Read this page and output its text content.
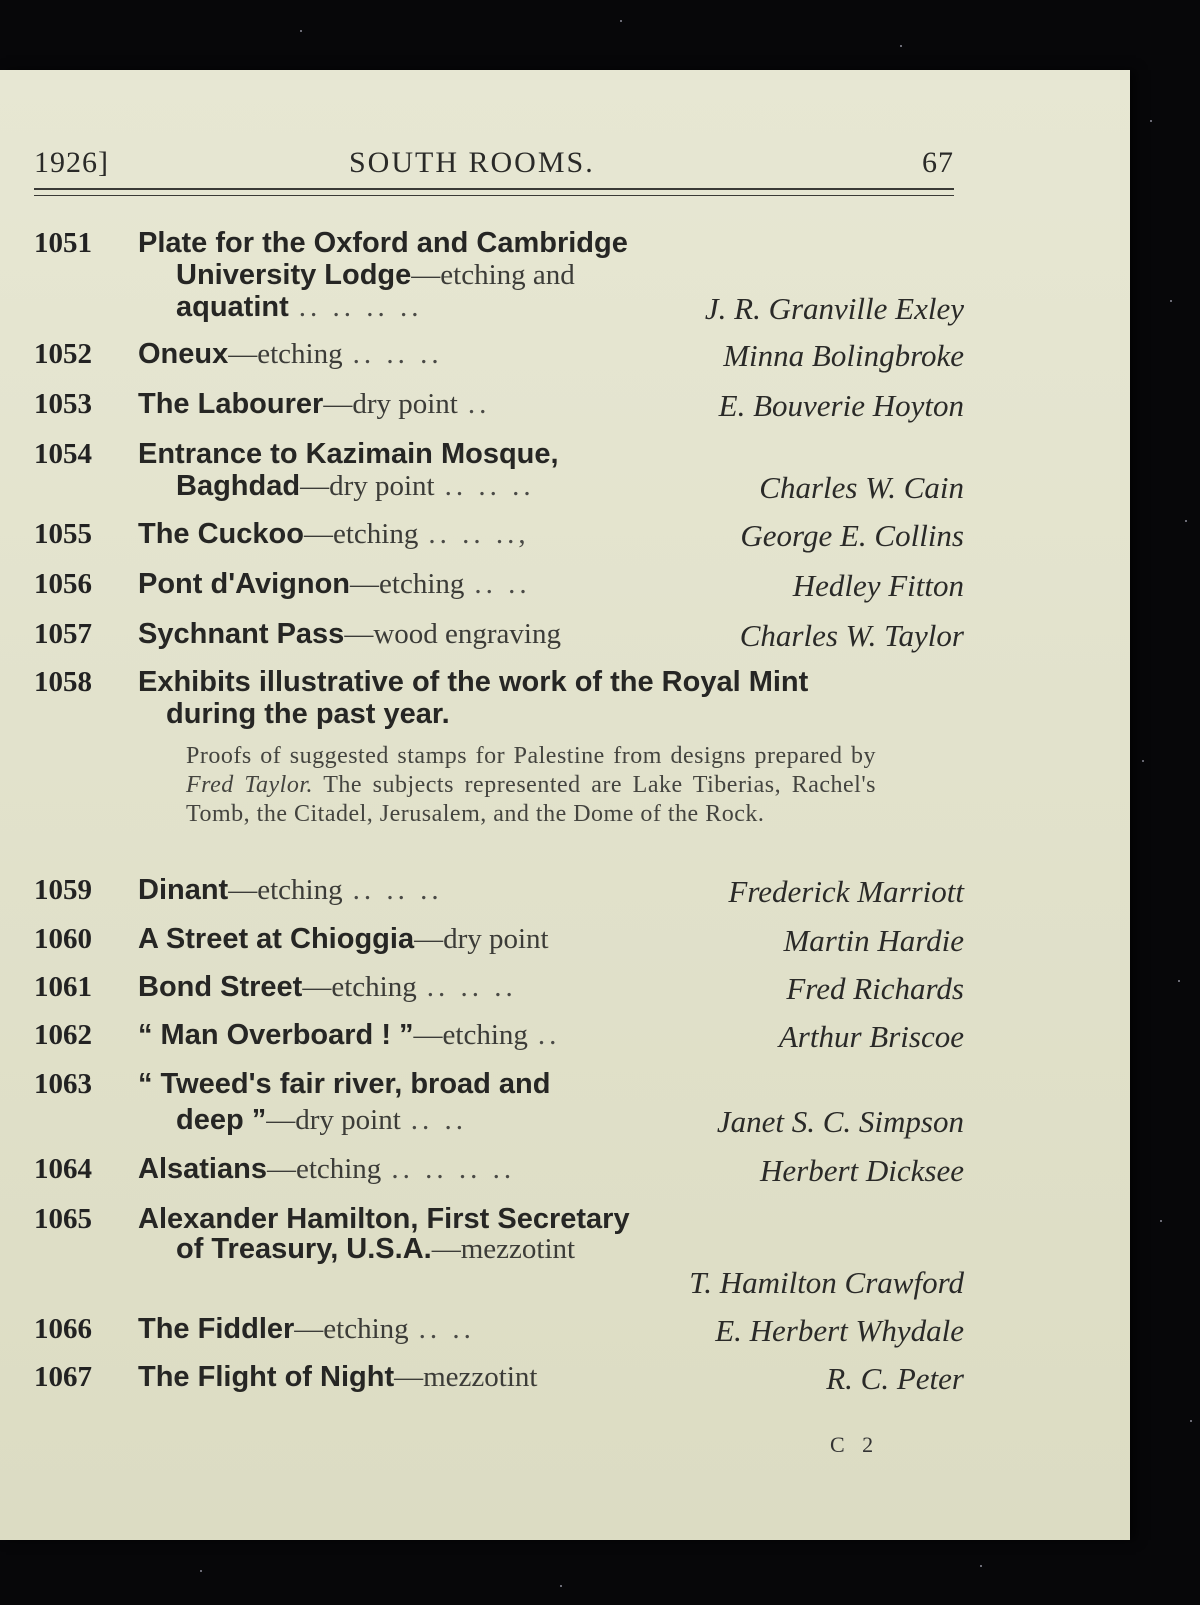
1926]	SOUTH ROOMS.	67
1051	Plate for the Oxford and Cambridge
University Lodge—etching and
aquatint .. .. .. ..	J. R. Granville Exley
1052	Oneux—etching .. .. ..	Minna Bolingbroke
1053	The Labourer—dry point ..	E. Bouverie Hoyton
1054	Entrance to Kazimain Mosque,
Baghdad—dry point .. .. ..	Charles W. Cain
1055	The Cuckoo—etching .. .. ..,	George E. Collins
1056	Pont d'Avignon—etching .. ..	Hedley Fitton
1057	Sychnant Pass—wood engraving	Charles W. Taylor
1058	Exhibits illustrative of the work of the Royal Mint
during the past year.
Proofs of suggested stamps for Palestine from designs prepared by Fred Taylor. The subjects represented are Lake Tiberias, Rachel's Tomb, the Citadel, Jerusalem, and the Dome of the Rock.
1059	Dinant—etching .. .. ..	Frederick Marriott
1060	A Street at Chioggia—dry point	Martin Hardie
1061	Bond Street—etching .. .. ..	Fred Richards
1062	“ Man Overboard ! ”—etching ..	Arthur Briscoe
1063	“ Tweed's fair river, broad and
deep ”—dry point .. ..	Janet S. C. Simpson
1064	Alsatians—etching .. .. .. ..	Herbert Dicksee
1065	Alexander Hamilton, First Secretary
of Treasury, U.S.A.—mezzotint
T. Hamilton Crawford
1066	The Fiddler—etching .. ..	E. Herbert Whydale
1067	The Flight of Night—mezzotint	R. C. Peter
C 2
